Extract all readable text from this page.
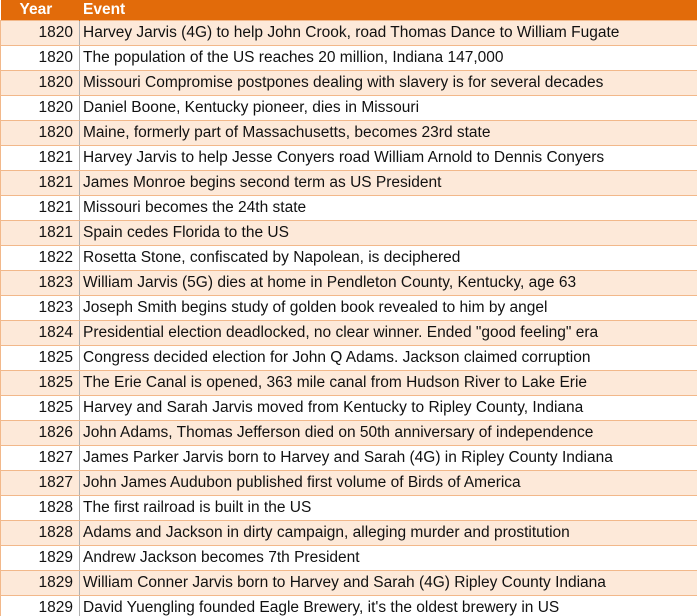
Year	Event
1820	Harvey Jarvis (4G) to help John Crook, road Thomas Dance to William Fugate
1820	The population of the US reaches 20 million, Indiana 147,000
1820	Missouri Compromise postpones dealing with slavery is for several decades
1820	Daniel Boone, Kentucky pioneer, dies in Missouri
1820	Maine, formerly part of Massachusetts, becomes 23rd state
1821	Harvey Jarvis to help Jesse Conyers road William Arnold to Dennis Conyers
1821	James Monroe begins second term as US President
1821	Missouri becomes the 24th state
1821	Spain cedes Florida to the US
1822	Rosetta Stone, confiscated by Napolean, is deciphered
1823	William Jarvis (5G) dies at home in Pendleton County, Kentucky, age 63
1823	Joseph Smith begins study of golden book revealed to him by angel
1824	Presidential election deadlocked, no clear winner. Ended "good feeling" era
1825	Congress decided election for John Q Adams. Jackson claimed corruption
1825	The Erie Canal is opened, 363 mile canal from Hudson River to Lake Erie
1825	Harvey and Sarah Jarvis moved from Kentucky to Ripley County, Indiana
1826	John Adams, Thomas Jefferson died on 50th anniversary of independence
1827	James Parker Jarvis born to Harvey and Sarah (4G) in Ripley County Indiana
1827	John James Audubon published first volume of Birds of America
1828	The first railroad is built in the US
1828	Adams and Jackson in dirty campaign, alleging murder and prostitution
1829	Andrew Jackson becomes 7th President
1829	William Conner Jarvis born to Harvey and Sarah (4G) Ripley County Indiana
1829	David Yuengling founded Eagle Brewery, it's the oldest brewery in US
